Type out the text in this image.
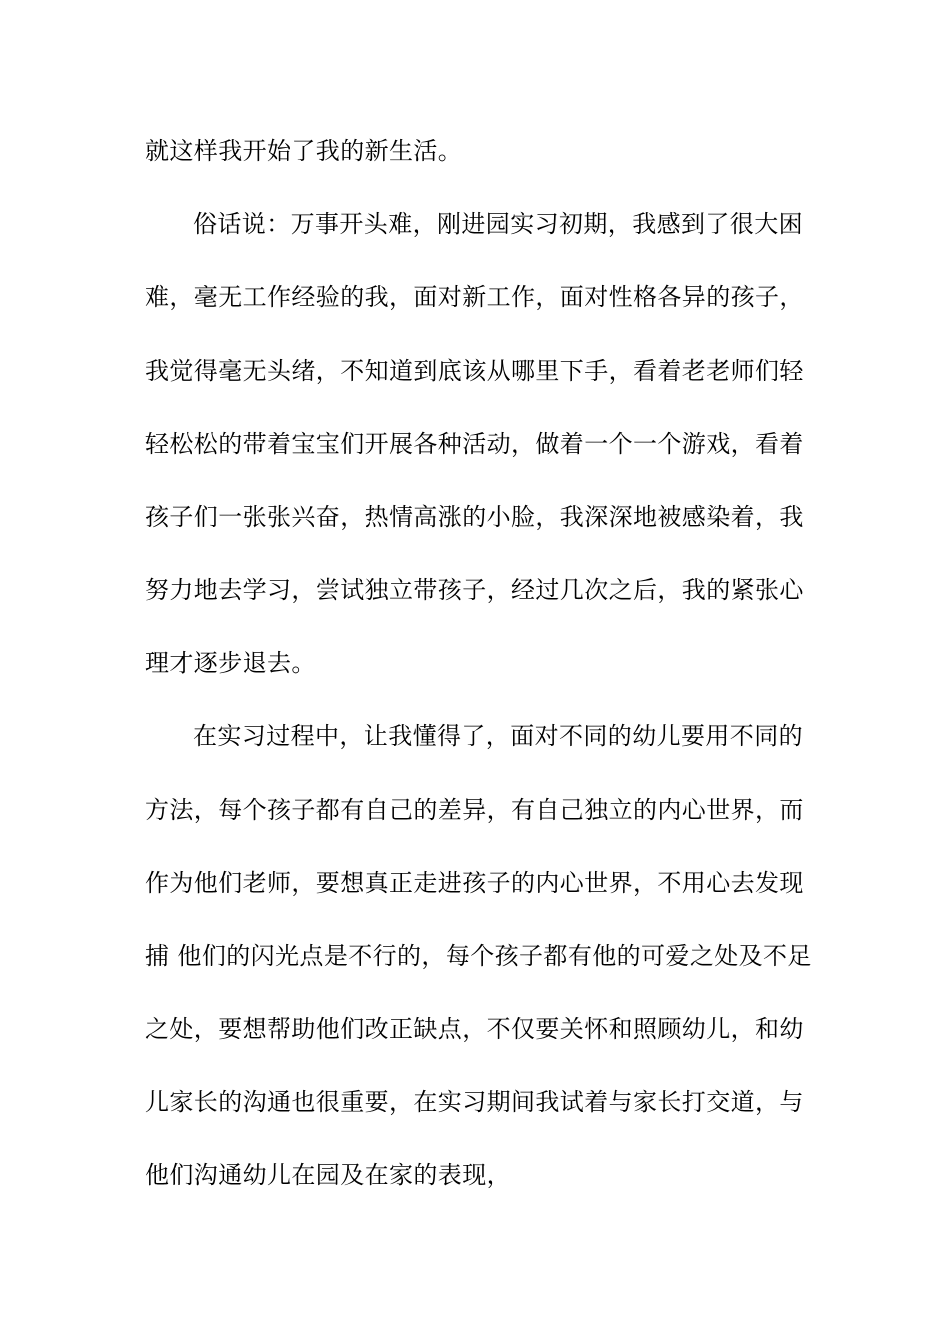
就这样我开始了我的新生活。
俗话说：万事开头难，刚进园实习初期，我感到了很大困
难，毫无工作经验的我，面对新工作，面对性格各异的孩子，
我觉得毫无头绪，不知道到底该从哪里下手，看着老老师们轻
轻松松的带着宝宝们开展各种活动，做着一个一个游戏，看着
孩子们一张张兴奋，热情高涨的小脸，我深深地被感染着，我
努力地去学习，尝试独立带孩子，经过几次之后，我的紧张心
理才逐步退去。
在实习过程中，让我懂得了，面对不同的幼儿要用不同的
方法，每个孩子都有自己的差异，有自己独立的内心世界，而
作为他们老师，要想真正走进孩子的内心世界，不用心去发现
捕 他们的闪光点是不行的，每个孩子都有他的可爱之处及不足
之处，要想帮助他们改正缺点，不仅要关怀和照顾幼儿，和幼
儿家长的沟通也很重要，在实习期间我试着与家长打交道，与
他们沟通幼儿在园及在家的表现，
